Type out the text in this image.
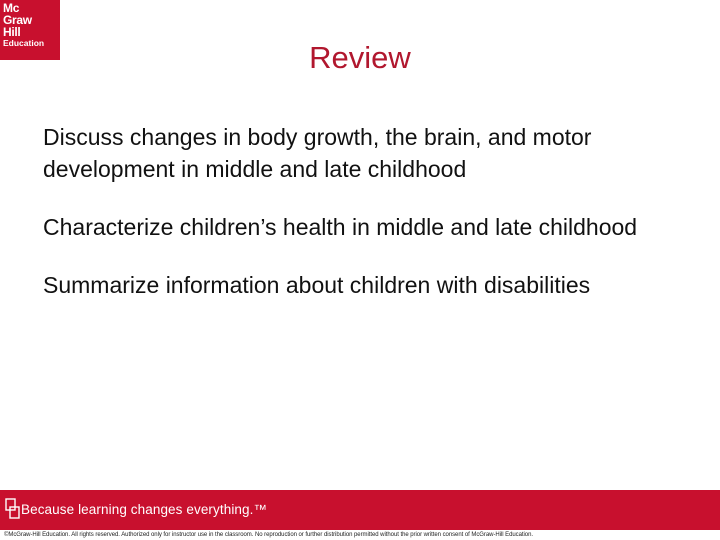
Mc
Graw
Hill
Education	Review
Discuss changes in body growth, the brain, and motor development in middle and late childhood
Characterize children’s health in middle and late childhood
Summarize information about children with disabilities
Because learning changes everything.™
©McGraw-Hill Education. All rights reserved. Authorized only for instructor use in the classroom. No reproduction or further distribution permitted without the prior written consent of McGraw-Hill Education.
